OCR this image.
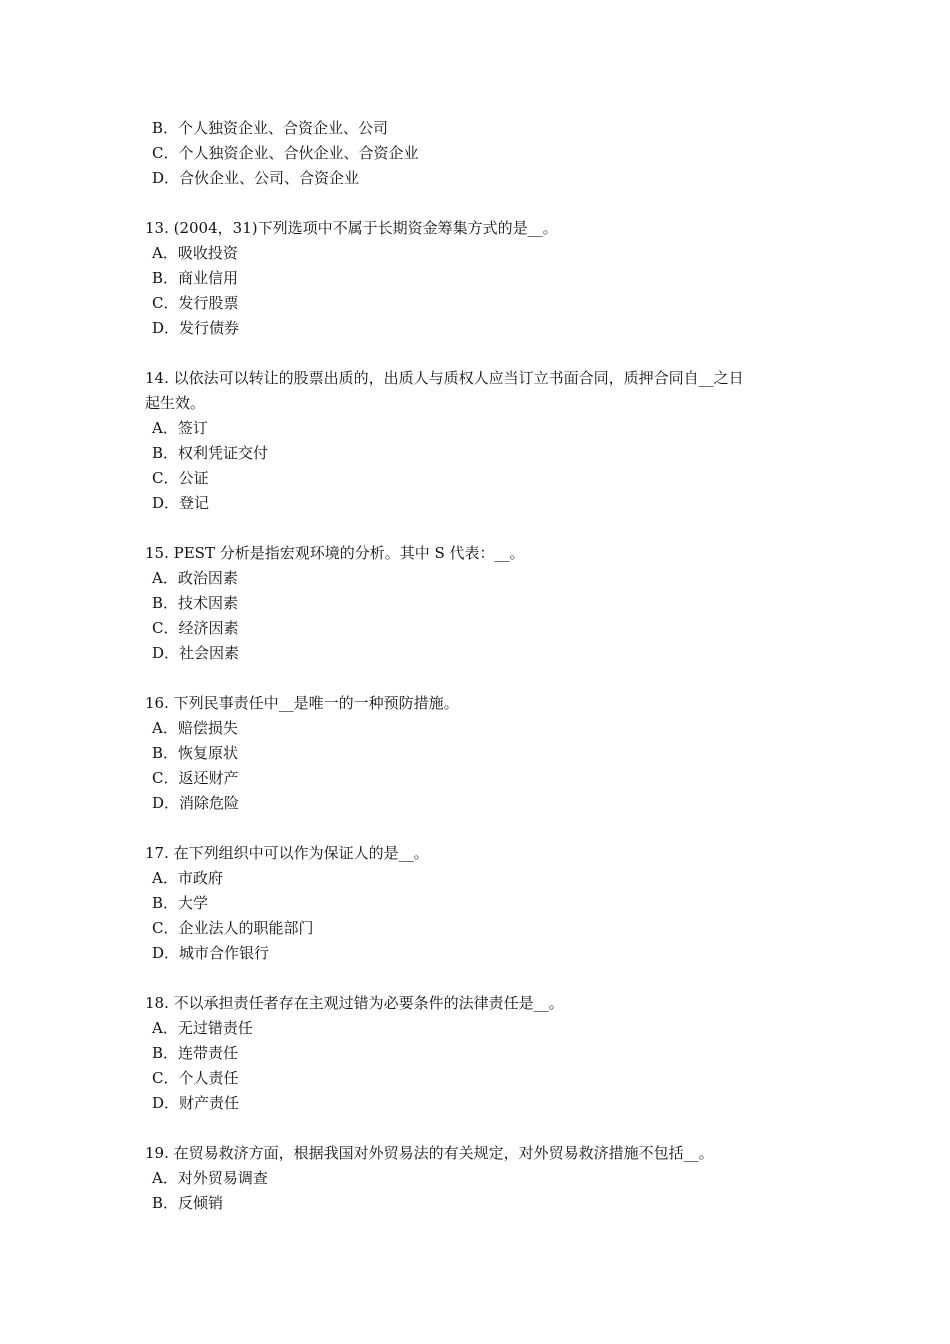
B．个人独资企业、合资企业、公司
C．个人独资企业、合伙企业、合资企业
D．合伙企业、公司、合资企业
13. (2004，31)下列选项中不属于长期资金筹集方式的是__。
A．吸收投资
B．商业信用
C．发行股票
D．发行债券
14. 以依法可以转让的股票出质的，出质人与质权人应当订立书面合同，质押合同自__之日
起生效。
A．签订
B．权利凭证交付
C．公证
D．登记
15. PEST 分析是指宏观环境的分析。其中 S 代表：__。
A．政治因素
B．技术因素
C．经济因素
D．社会因素
16. 下列民事责任中__是唯一的一种预防措施。
A．赔偿损失
B．恢复原状
C．返还财产
D．消除危险
17. 在下列组织中可以作为保证人的是__。
A．市政府
B．大学
C．企业法人的职能部门
D．城市合作银行
18. 不以承担责任者存在主观过错为必要条件的法律责任是__。
A．无过错责任
B．连带责任
C．个人责任
D．财产责任
19. 在贸易救济方面，根据我国对外贸易法的有关规定，对外贸易救济措施不包括__。
A．对外贸易调查
B．反倾销
